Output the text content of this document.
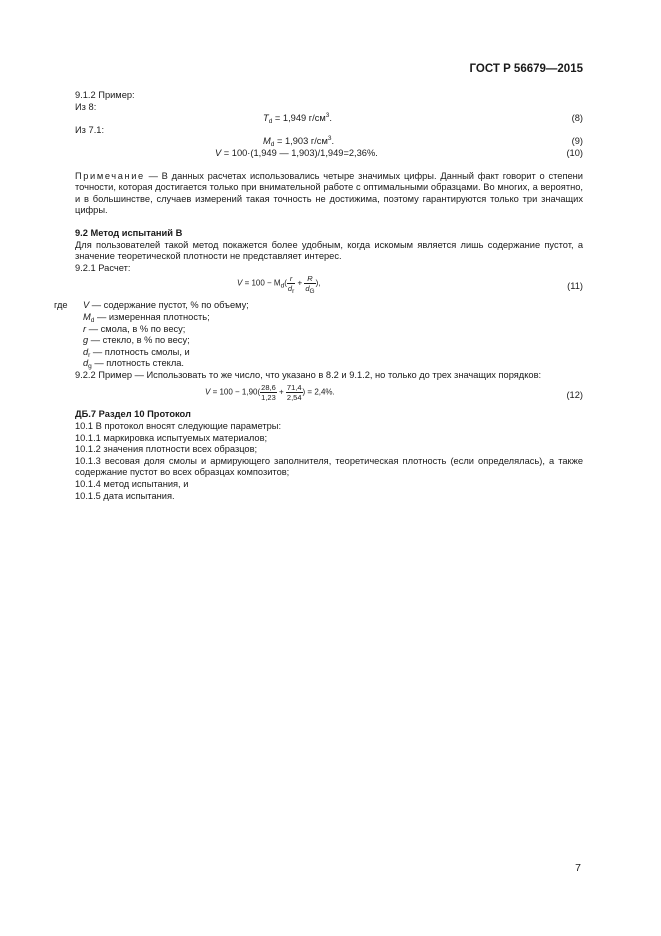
ГОСТ Р 56679—2015

9.1.2 Пример:

Из 8:

$T_d = 1,949$ $г/см^3$.	(8)

Из 7.1:

$M_d = 1,903$ $г/см^3$.	(9)
V = 100·(1,949 — 1,903)/1,949=2,36%.	(10)

Примечание — В данных расчетах использовались четыре значимых цифры. Данный факт говорит о степени точности, которая достигается только при внимательной работе с оптимальными образцами. Во многих, а вероятно, и в большинстве, случаев измерений такая точность не достижима, поэтому гарантируются только три значащих цифры.

9.2 Метод испытаний В

Для пользователей такой метод покажется более удобным, когда искомым является лишь содержание пустот, а значение теоретической плотности не представляет интерес.

9.2.1 Расчет:

$V = 100 - M_d( \frac{r}{d_r} + \frac{R}{d_G}$ ),	(11)
где	V — содержание пустот, % по объему;
$M_d$ — измеренная плотность;
r — смола, в % по весу;
g — стекло, в % по весу;
$d_r$ — плотность смолы, и
$d_g$ — плотность стекла.

9.2.2 Пример — Использовать то же число, что указано в 8.2 и 9.1.2, но только до трех значащих порядков:

$V = 100 - 1,90( \frac{28,6}{1,23} + \frac{71,4}{2,54}$ ) = 2,4%.	(12)

ДБ.7 Раздел 10 Протокол

10.1 В протокол вносят следующие параметры:

10.1.1 маркировка испытуемых материалов;

10.1.2 значения плотности всех образцов;

10.1.3 весовая доля смолы и армирующего заполнителя, теоретическая плотность (если определялась), а также содержание пустот во всех образцах композитов;

10.1.4 метод испытания, и

10.1.5 дата испытания.

7
